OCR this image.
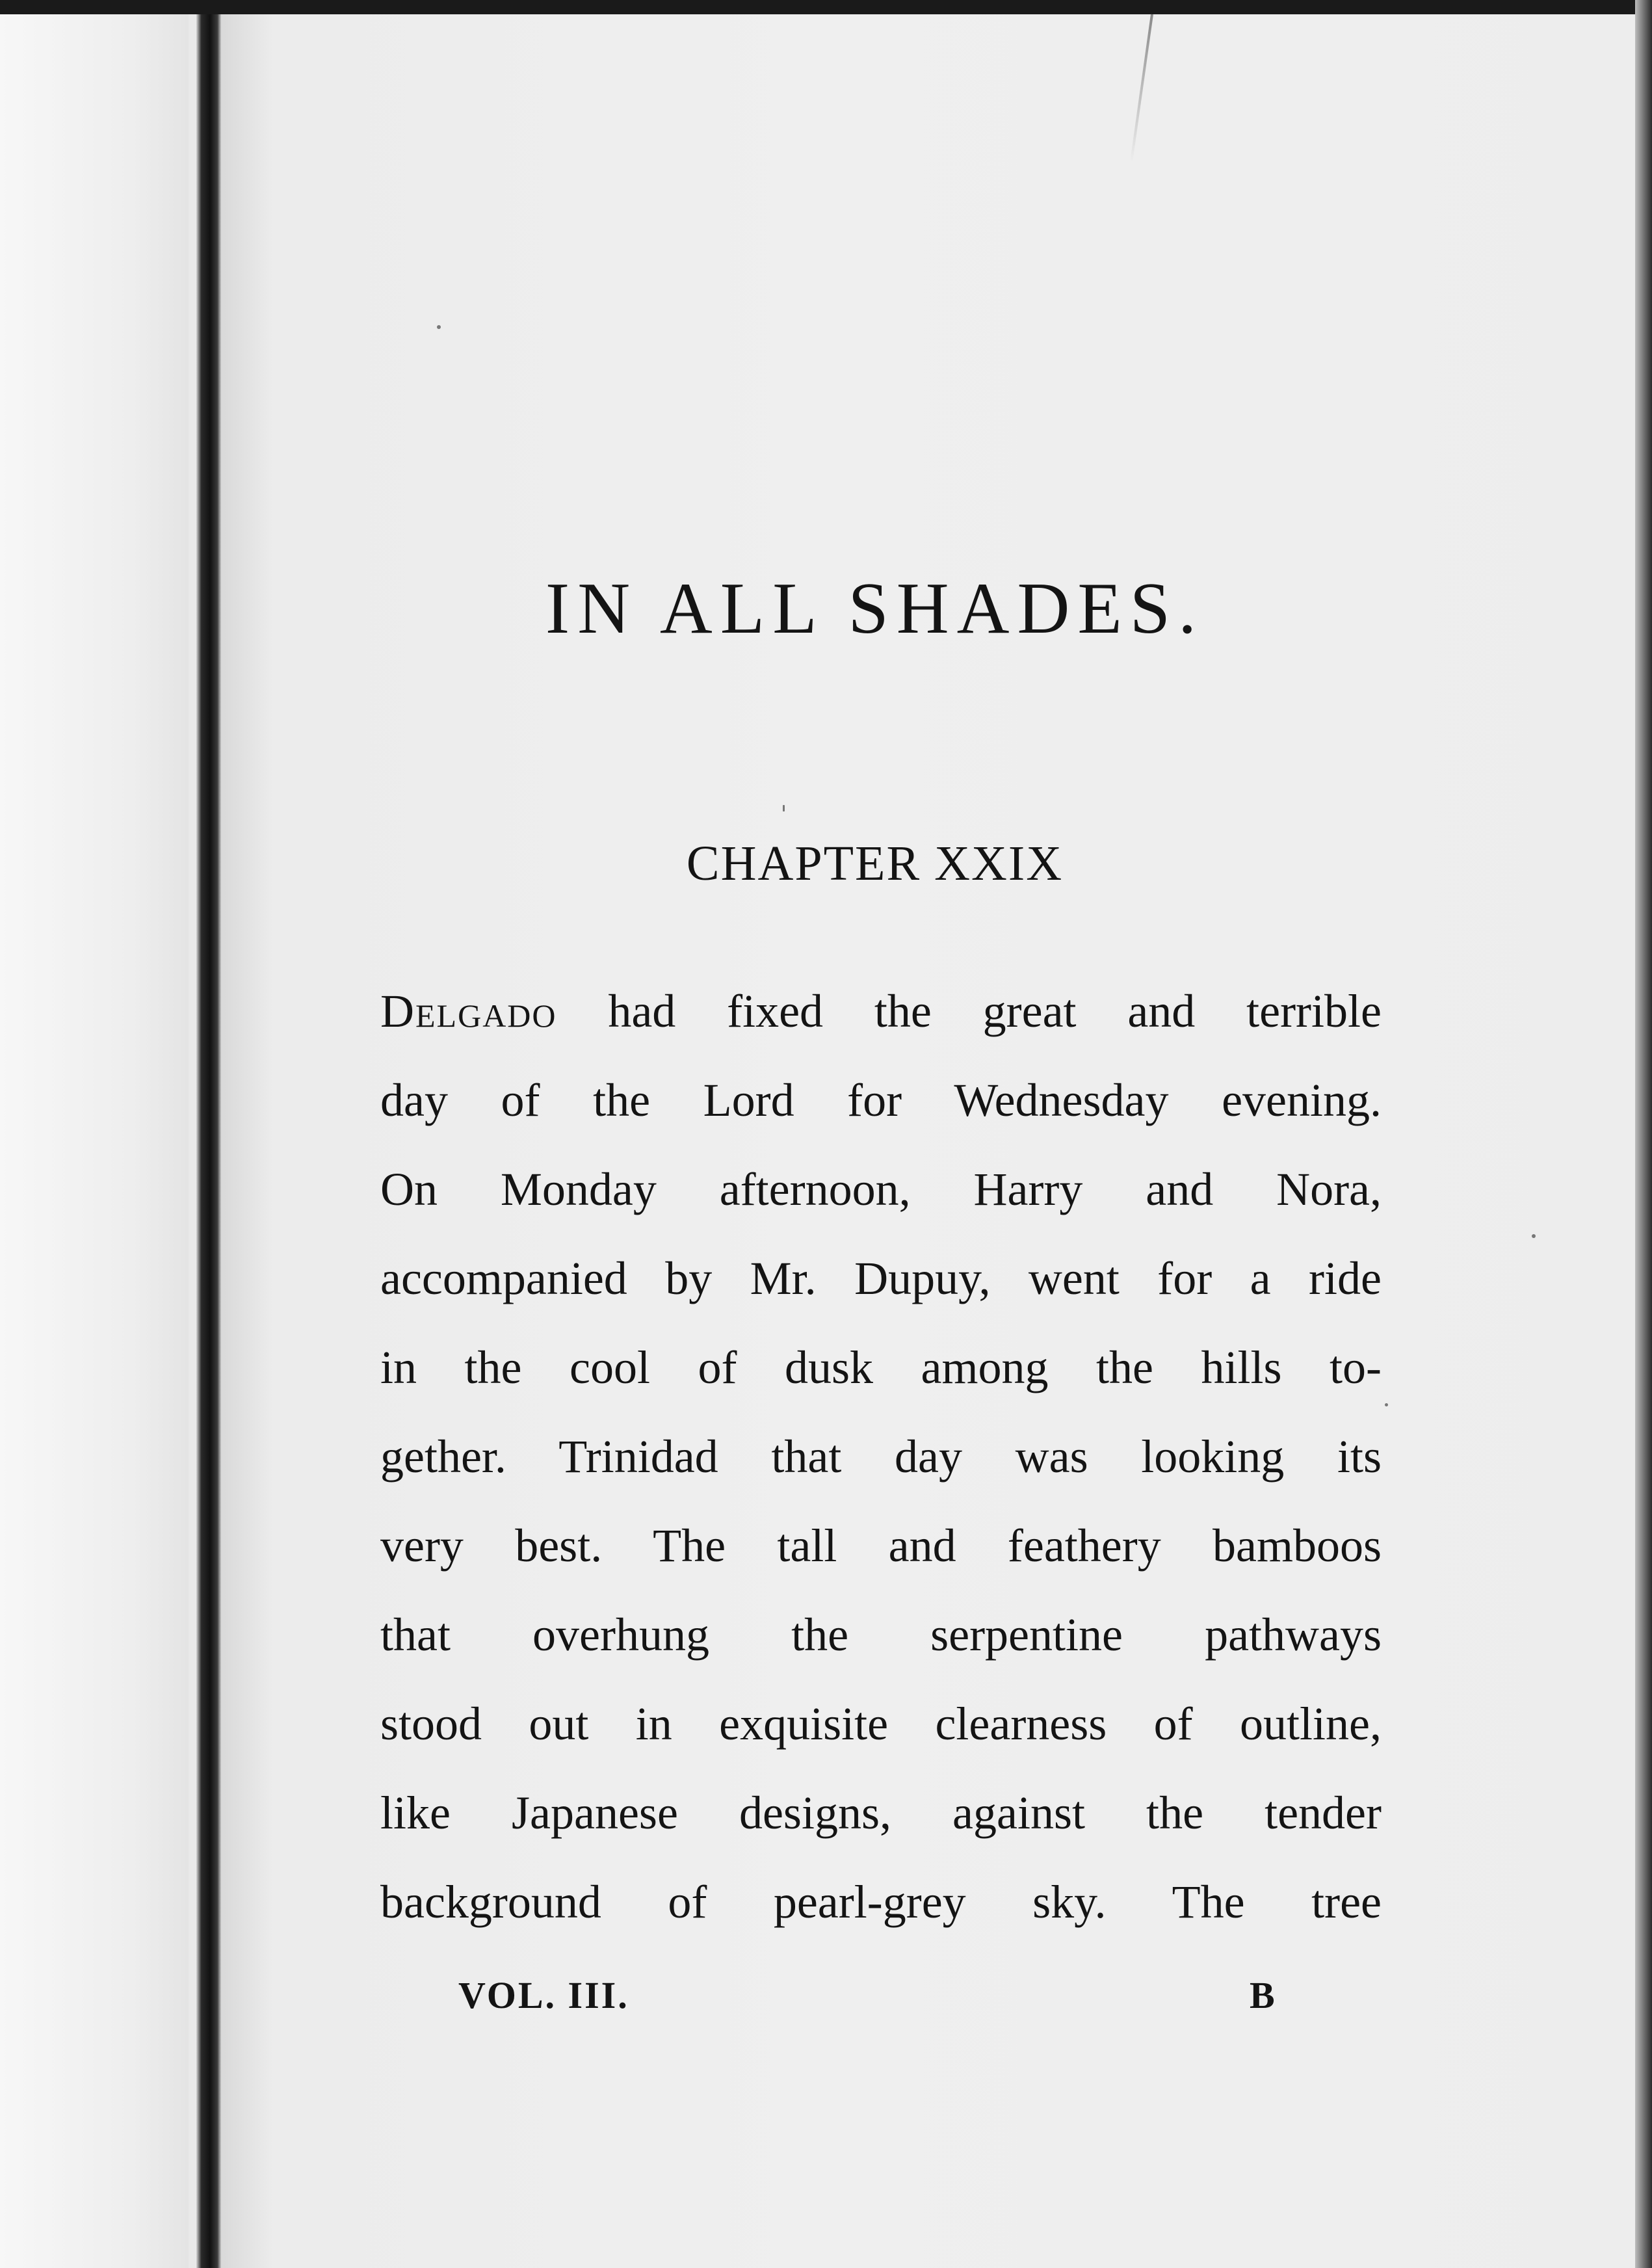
IN ALL SHADES.
CHAPTER XXIX
Delgado had fixed the great and terrible
day of the Lord for Wednesday evening.
On Monday afternoon, Harry and Nora,
accompanied by Mr. Dupuy, went for a ride
in the cool of dusk among the hills to-
gether. Trinidad that day was looking its
very best. The tall and feathery bamboos
that overhung the serpentine pathways
stood out in exquisite clearness of outline,
like Japanese designs, against the tender
background of pearl-grey sky. The tree
VOL. III.	B
